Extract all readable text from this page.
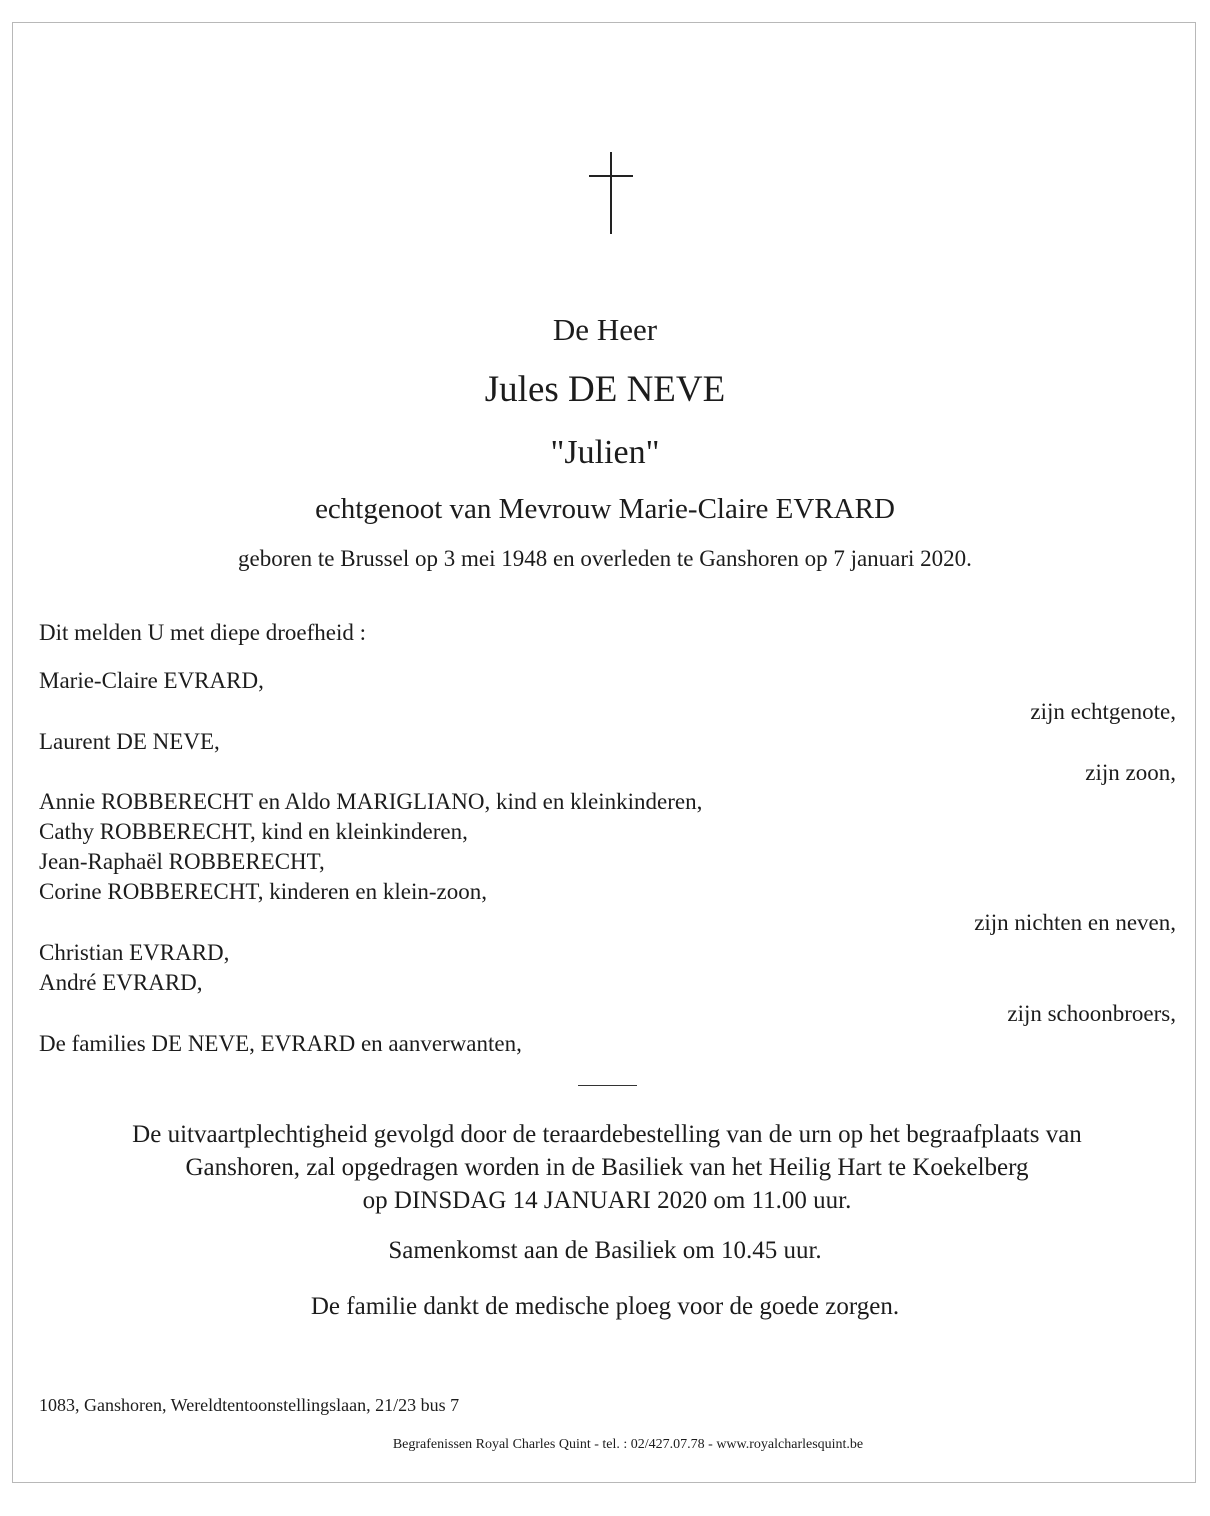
De Heer
Jules DE NEVE
"Julien"
echtgenoot van Mevrouw Marie-Claire EVRARD
geboren te Brussel op 3 mei 1948 en overleden te Ganshoren op 7 januari 2020.
Dit melden U met diepe droefheid :
Marie-Claire EVRARD,
zijn echtgenote,
Laurent DE NEVE,
zijn zoon,
Annie ROBBERECHT en Aldo MARIGLIANO, kind en kleinkinderen,
Cathy ROBBERECHT, kind en kleinkinderen,
Jean-Raphaël ROBBERECHT,
Corine ROBBERECHT, kinderen en klein-zoon,
zijn nichten en neven,
Christian EVRARD,
André EVRARD,
zijn schoonbroers,
De families DE NEVE, EVRARD en aanverwanten,
De uitvaartplechtigheid gevolgd door de teraardebestelling van de urn op het begraafplaats van
Ganshoren, zal opgedragen worden in de Basiliek van het Heilig Hart te Koekelberg
op DINSDAG 14 JANUARI 2020 om 11.00 uur.
Samenkomst aan de Basiliek om 10.45 uur.
De familie dankt de medische ploeg voor de goede zorgen.
1083, Ganshoren, Wereldtentoonstellingslaan, 21/23 bus 7
Begrafenissen Royal Charles Quint - tel. : 02/427.07.78 - www.royalcharlesquint.be
